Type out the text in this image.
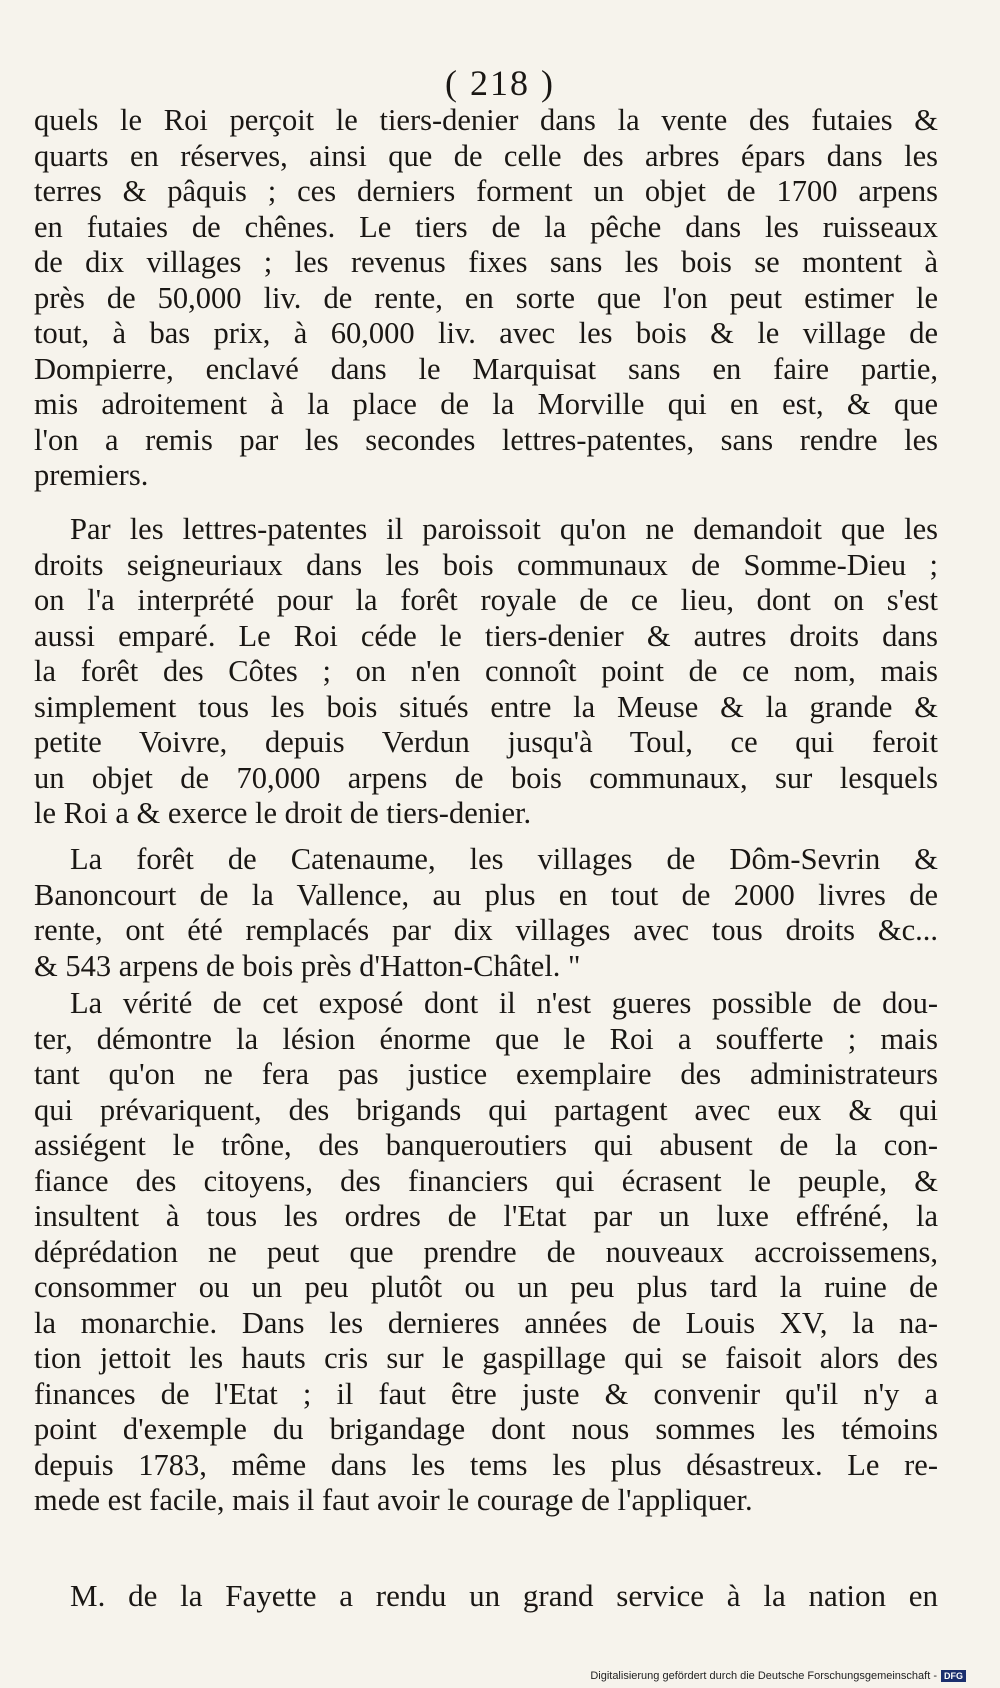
( 218 )
quels le Roi perçoit le tiers-denier dans la vente des futaies &
quarts en réserves, ainsi que de celle des arbres épars dans les
terres & pâquis ; ces derniers forment un objet de 1700 arpens
en futaies de chênes. Le tiers de la pêche dans les ruisseaux
de dix villages ; les revenus fixes sans les bois se montent à
près de 50,000 liv. de rente, en sorte que l'on peut estimer le
tout, à bas prix, à 60,000 liv. avec les bois & le village de
Dompierre, enclavé dans le Marquisat sans en faire partie,
mis adroitement à la place de la Morville qui en est, & que
l'on a remis par les secondes lettres-patentes, sans rendre les
premiers.
Par les lettres-patentes il paroissoit qu'on ne demandoit que les
droits seigneuriaux dans les bois communaux de Somme-Dieu ;
on l'a interprété pour la forêt royale de ce lieu, dont on s'est
aussi emparé. Le Roi céde le tiers-denier & autres droits dans
la forêt des Côtes ; on n'en connoît point de ce nom, mais
simplement tous les bois situés entre la Meuse & la grande &
petite Voivre, depuis Verdun jusqu'à Toul, ce qui feroit
un objet de 70,000 arpens de bois communaux, sur lesquels
le Roi a & exerce le droit de tiers-denier.
La forêt de Catenaume, les villages de Dôm-Sevrin &
Banoncourt de la Vallence, au plus en tout de 2000 livres de
rente, ont été remplacés par dix villages avec tous droits &c...
& 543 arpens de bois près d'Hatton-Châtel. "
La vérité de cet exposé dont il n'est gueres possible de dou-
ter, démontre la lésion énorme que le Roi a soufferte ; mais
tant qu'on ne fera pas justice exemplaire des administrateurs
qui prévariquent, des brigands qui partagent avec eux & qui
assiégent le trône, des banqueroutiers qui abusent de la con-
fiance des citoyens, des financiers qui écrasent le peuple, &
insultent à tous les ordres de l'Etat par un luxe effréné, la
déprédation ne peut que prendre de nouveaux accroissemens,
consommer ou un peu plutôt ou un peu plus tard la ruine de
la monarchie. Dans les dernieres années de Louis XV, la na-
tion jettoit les hauts cris sur le gaspillage qui se faisoit alors des
finances de l'Etat ; il faut être juste & convenir qu'il n'y a
point d'exemple du brigandage dont nous sommes les témoins
depuis 1783, même dans les tems les plus désastreux. Le re-
mede est facile, mais il faut avoir le courage de l'appliquer.
M. de la Fayette a rendu un grand service à la nation en
Digitalisierung gefördert durch die Deutsche Forschungsgemeinschaft - DFG
